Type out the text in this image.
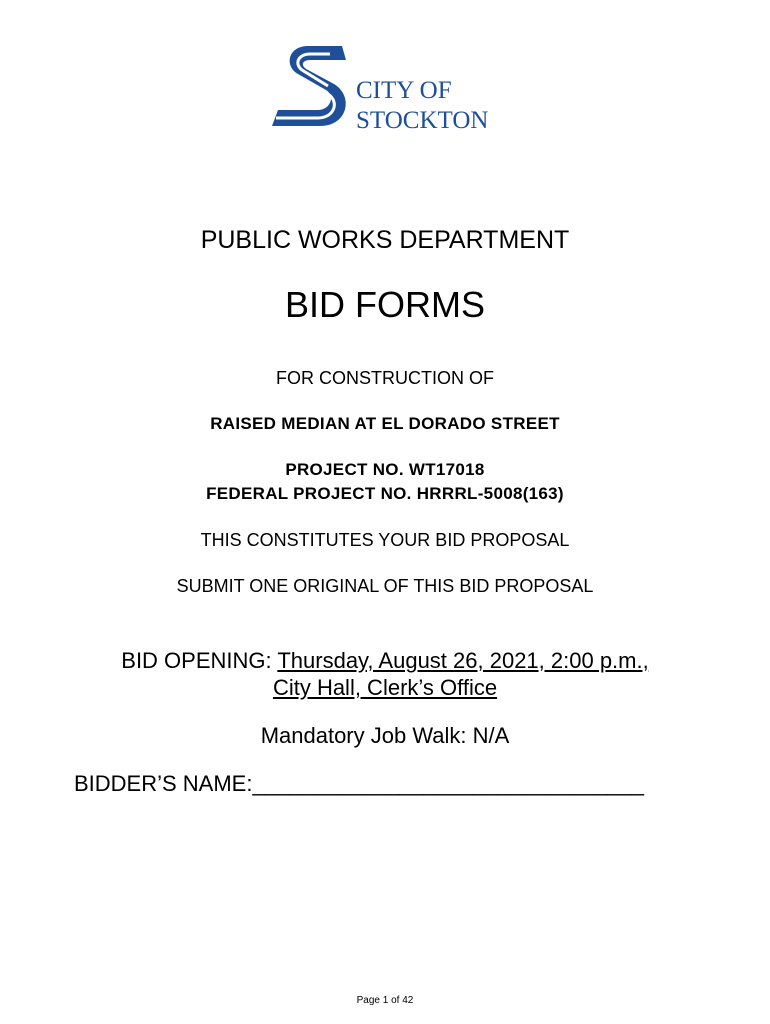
CITY OF
STOCKTON
PUBLIC WORKS DEPARTMENT
BID FORMS
FOR CONSTRUCTION OF
RAISED MEDIAN AT EL DORADO STREET
PROJECT NO. WT17018
FEDERAL PROJECT NO. HRRRL-5008(163)
THIS CONSTITUTES YOUR BID PROPOSAL
SUBMIT ONE ORIGINAL OF THIS BID PROPOSAL
BID OPENING: Thursday, August 26, 2021, 2:00 p.m.,
City Hall, Clerk’s Office
Mandatory Job Walk: N/A
BIDDER’S NAME:________________________________
Page 1 of 42
